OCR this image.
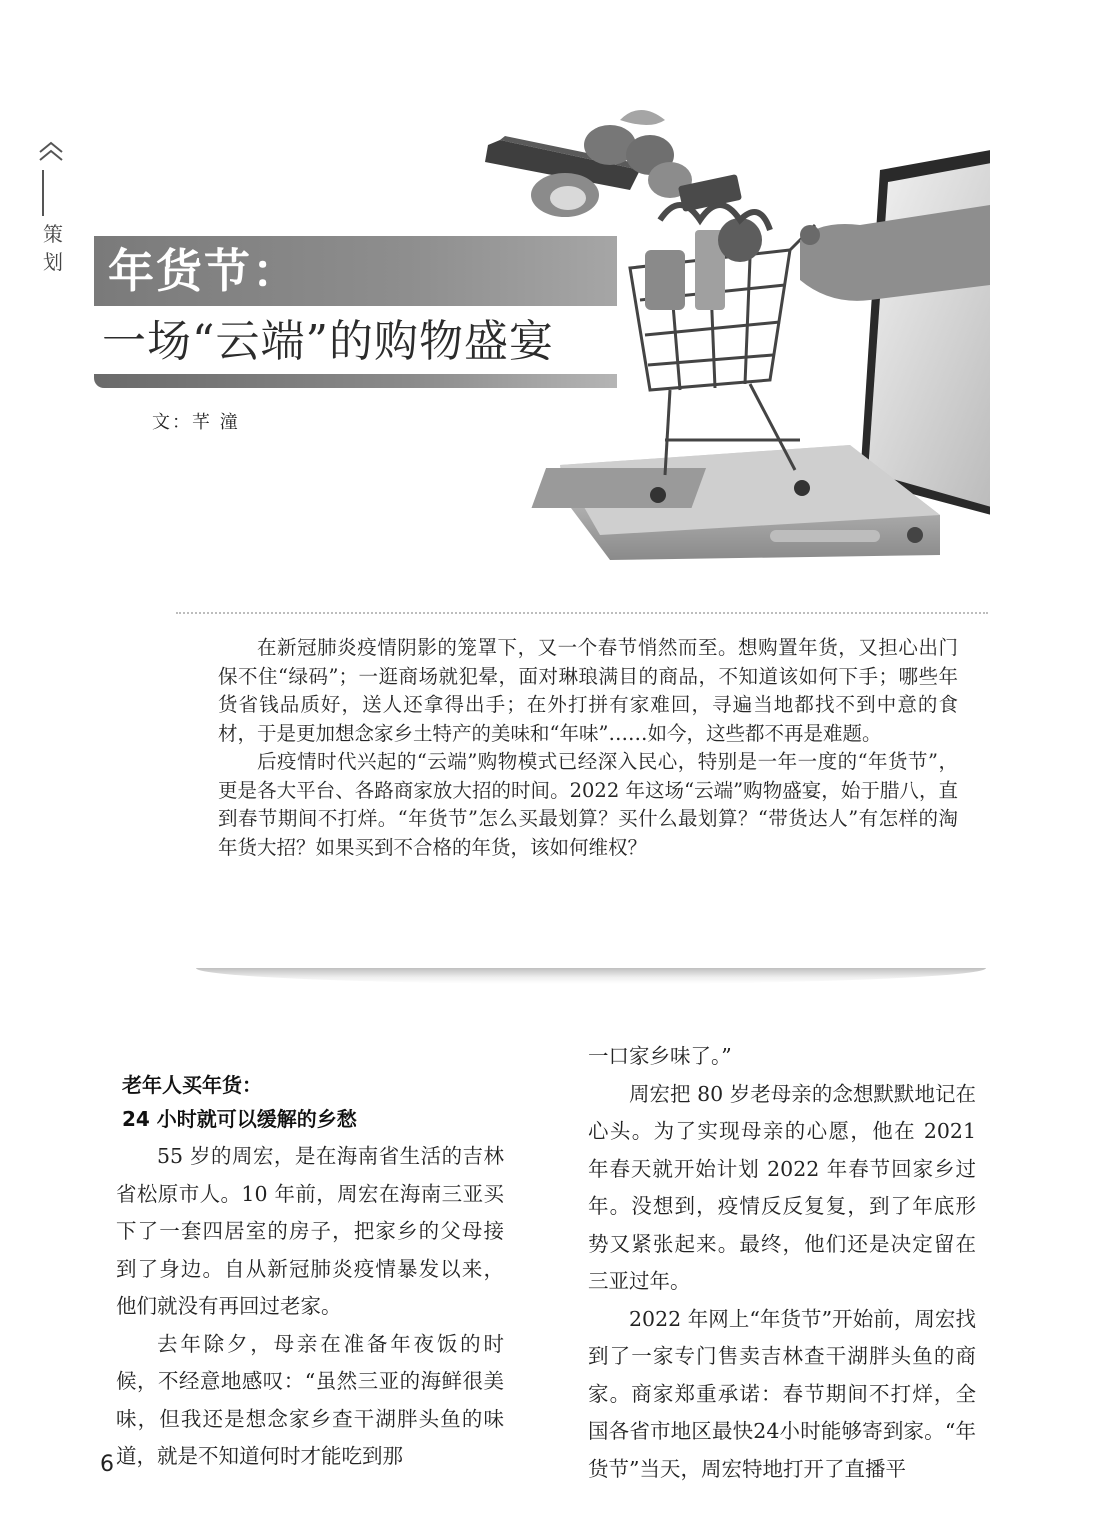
策
划 年货节：
一场“云端”的购物盛宴
文：芊 潼

在新冠肺炎疫情阴影的笼罩下，又一个春节悄然而至。想购置年货，又担心出门保不住“绿码”；一逛商场就犯晕，面对琳琅满目的商品，不知道该如何下手；哪些年货省钱品质好，送人还拿得出手；在外打拼有家难回，寻遍当地都找不到中意的食材，于是更加想念家乡土特产的美味和“年味”……如今，这些都不再是难题。

后疫情时代兴起的“云端”购物模式已经深入民心，特别是一年一度的“年货节”，更是各大平台、各路商家放大招的时间。2022 年这场“云端”购物盛宴，始于腊八，直到春节期间不打烊。“年货节”怎么买最划算？买什么最划算？“带货达人”有怎样的淘年货大招？如果买到不合格的年货，该如何维权？

老年人买年货：
24 小时就可以缓解的乡愁

55 岁的周宏，是在海南省生活的吉林省松原市人。10 年前，周宏在海南三亚买下了一套四居室的房子，把家乡的父母接到了身边。自从新冠肺炎疫情暴发以来，他们就没有再回过老家。

去年除夕，母亲在准备年夜饭的时候，不经意地感叹：“虽然三亚的海鲜很美味，但我还是想念家乡查干湖胖头鱼的味道，就是不知道何时才能吃到那

一口家乡味了。”

周宏把 80 岁老母亲的念想默默地记在心头。为了实现母亲的心愿，他在 2021 年春天就开始计划 2022 年春节回家乡过年。没想到，疫情反反复复，到了年底形势又紧张起来。最终，他们还是决定留在三亚过年。

2022 年网上“年货节”开始前，周宏找到了一家专门售卖吉林查干湖胖头鱼的商家。商家郑重承诺：春节期间不打烊，全国各省市地区最快24小时能够寄到家。“年货节”当天，周宏特地打开了直播平

6
